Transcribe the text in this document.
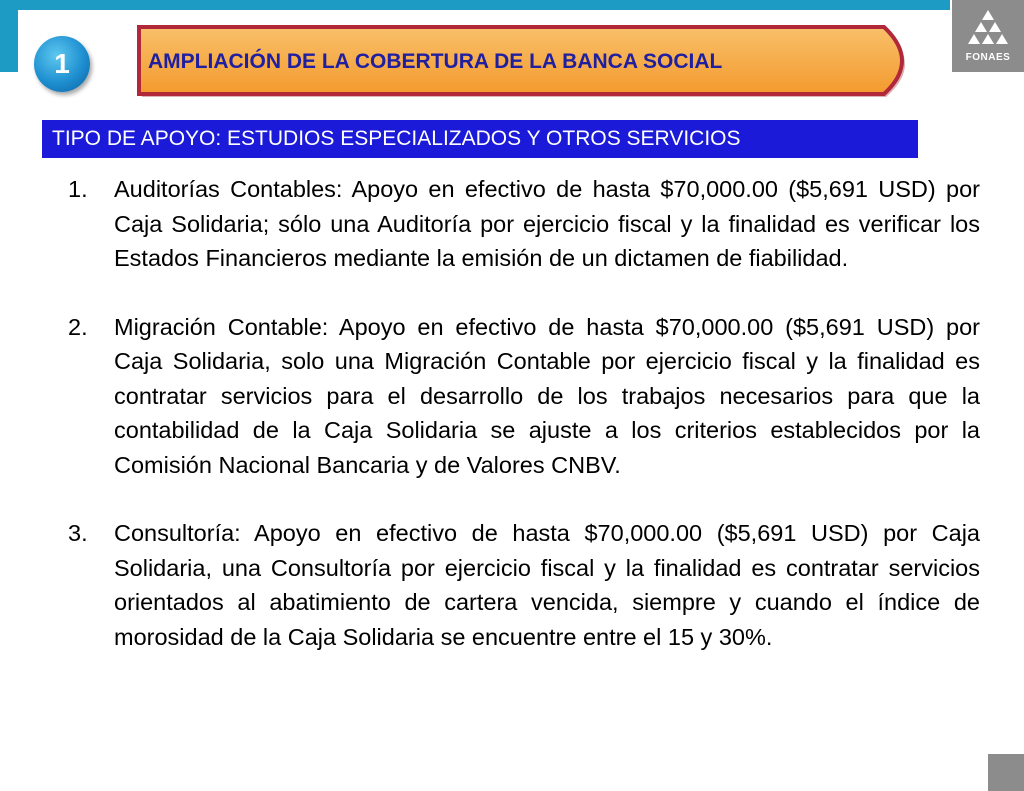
1	AMPLIACIÓN DE LA COBERTURA DE LA BANCA SOCIAL	FONAES
TIPO DE APOYO: ESTUDIOS ESPECIALIZADOS Y OTROS SERVICIOS
1.	Auditorías Contables: Apoyo en efectivo de hasta $70,000.00 ($5,691 USD) por Caja Solidaria; sólo una Auditoría por ejercicio fiscal y la finalidad es verificar los Estados Financieros mediante la emisión de un dictamen de fiabilidad.
2.	Migración Contable: Apoyo en efectivo de hasta $70,000.00 ($5,691 USD) por Caja Solidaria, solo una Migración Contable por ejercicio fiscal y la finalidad es contratar servicios para el desarrollo de los trabajos necesarios para que la contabilidad de la Caja Solidaria se ajuste a los criterios establecidos por la Comisión Nacional Bancaria y de Valores CNBV.
3.	Consultoría: Apoyo en efectivo de hasta $70,000.00 ($5,691 USD) por Caja Solidaria, una Consultoría por ejercicio fiscal y la finalidad es contratar servicios orientados al abatimiento de cartera vencida, siempre y cuando el índice de morosidad de la Caja Solidaria se encuentre entre el 15 y 30%.
